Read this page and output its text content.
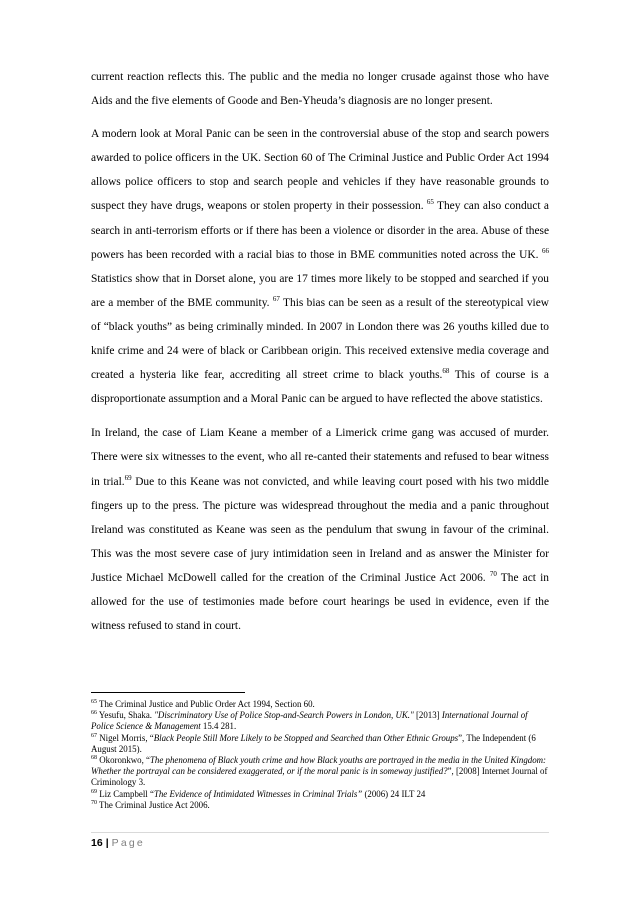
current reaction reflects this. The public and the media no longer crusade against those who have Aids and the five elements of Goode and Ben-Yheuda’s diagnosis are no longer present.

A modern look at Moral Panic can be seen in the controversial abuse of the stop and search powers awarded to police officers in the UK. Section 60 of The Criminal Justice and Public Order Act 1994 allows police officers to stop and search people and vehicles if they have reasonable grounds to suspect they have drugs, weapons or stolen property in their possession. $^{65}$ They can also conduct a search in anti-terrorism efforts or if there has been a violence or disorder in the area. Abuse of these powers has been recorded with a racial bias to those in BME communities noted across the UK. $^{66}$ Statistics show that in Dorset alone, you are 17 times more likely to be stopped and searched if you are a member of the BME community. $^{67}$ This bias can be seen as a result of the stereotypical view of “black youths” as being criminally minded. In 2007 in London there was 26 youths killed due to knife crime and 24 were of black or Caribbean origin. This received extensive media coverage and created a hysteria like fear, accrediting all street crime to black youths.$^{68}$ This of course is a disproportionate assumption and a Moral Panic can be argued to have reflected the above statistics.

In Ireland, the case of Liam Keane a member of a Limerick crime gang was accused of murder. There were six witnesses to the event, who all re-canted their statements and refused to bear witness in trial.$^{69}$ Due to this Keane was not convicted, and while leaving court posed with his two middle fingers up to the press. The picture was widespread throughout the media and a panic throughout Ireland was constituted as Keane was seen as the pendulum that swung in favour of the criminal. This was the most severe case of jury intimidation seen in Ireland and as answer the Minister for Justice Michael McDowell called for the creation of the Criminal Justice Act 2006. $^{70}$ The act in allowed for the use of testimonies made before court hearings be used in evidence, even if the witness refused to stand in court.

$^{65}$ The Criminal Justice and Public Order Act 1994, Section 60.
$^{66}$ Yesufu, Shaka. "Discriminatory Use of Police Stop-and-Search Powers in London, UK." [2013] International Journal of Police Science & Management 15.4 281.
$^{67}$ Nigel Morris, “Black People Still More Likely to be Stopped and Searched than Other Ethnic Groups”, The Independent (6 August 2015).
$^{68}$ Okoronkwo, “The phenomena of Black youth crime and how Black youths are portrayed in the media in the United Kingdom: Whether the portrayal can be considered exaggerated, or if the moral panic is in someway justified?”, [2008] Internet Journal of Criminology 3.
$^{69}$ Liz Campbell “The Evidence of Intimidated Witnesses in Criminal Trials” (2006) 24 ILT 24
$^{70}$ The Criminal Justice Act 2006.
16 | Page
